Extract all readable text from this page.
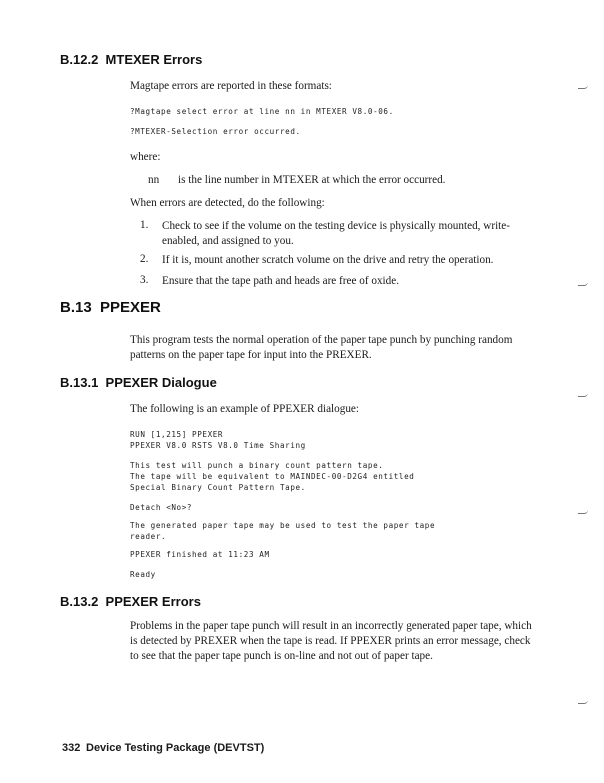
B.12.2 MTEXER Errors
Magtape errors are reported in these formats:
?Magtape select error at line nn in MTEXER V8.0-06.
?MTEXER-Selection error occurred.
where:
nn	is the line number in MTEXER at which the error occurred.
When errors are detected, do the following:
1. Check to see if the volume on the testing device is physically mounted, write-enabled, and assigned to you.
2. If it is, mount another scratch volume on the drive and retry the operation.
3. Ensure that the tape path and heads are free of oxide.
B.13 PPEXER
This program tests the normal operation of the paper tape punch by punching random patterns on the paper tape for input into the PREXER.
B.13.1 PPEXER Dialogue
The following is an example of PPEXER dialogue:
RUN [1,215] PPEXER
PPEXER V8.0 RSTS V8.0 Time Sharing
This test will punch a binary count pattern tape.
The tape will be equivalent to MAINDEC-00-D2G4 entitled
Special Binary Count Pattern Tape.
Detach <No>?
The generated paper tape may be used to test the paper tape
reader.
PPEXER finished at 11:23 AM
Ready
B.13.2 PPEXER Errors
Problems in the paper tape punch will result in an incorrectly generated paper tape, which is detected by PREXER when the tape is read. If PPEXER prints an error message, check to see that the paper tape punch is on-line and not out of paper tape.
332 Device Testing Package (DEVTST)
